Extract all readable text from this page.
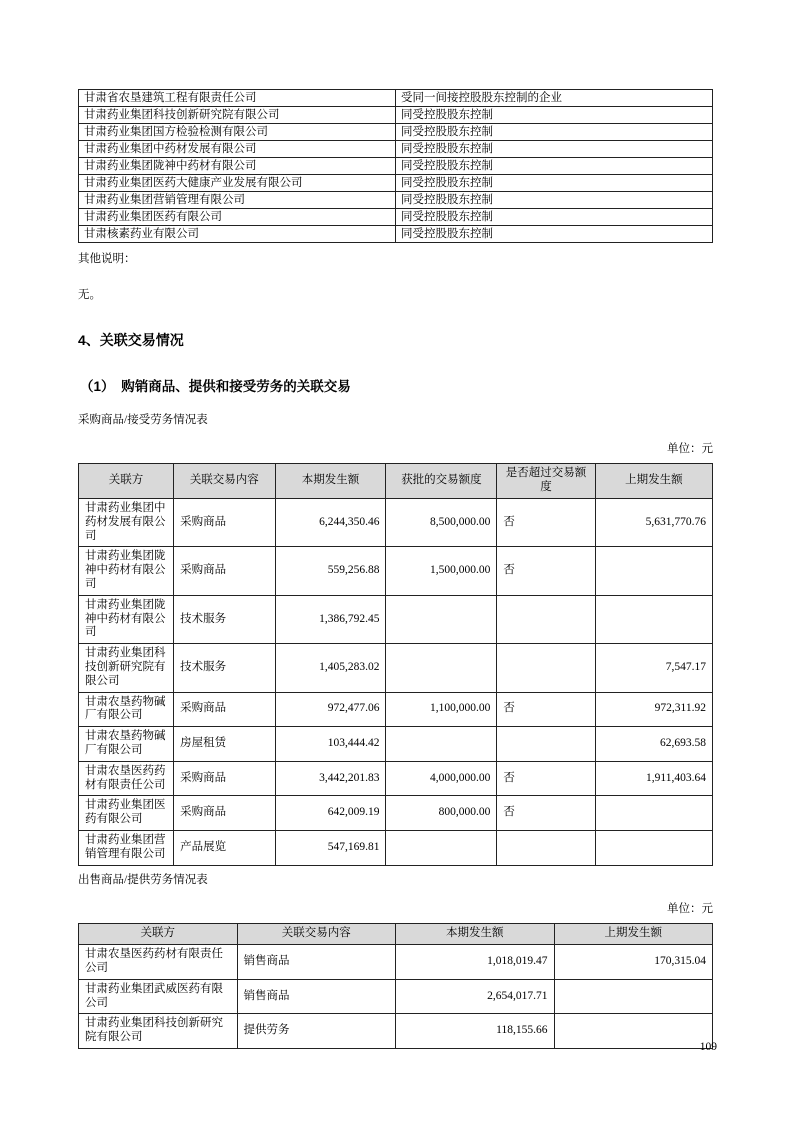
甘肃省农垦建筑工程有限责任公司	受同一间接控股股东控制的企业
甘肃药业集团科技创新研究院有限公司	同受控股股东控制
甘肃药业集团国方检验检测有限公司	同受控股股东控制
甘肃药业集团中药材发展有限公司	同受控股股东控制
甘肃药业集团陇神中药材有限公司	同受控股股东控制
甘肃药业集团医药大健康产业发展有限公司	同受控股股东控制
甘肃药业集团营销管理有限公司	同受控股股东控制
甘肃药业集团医药有限公司	同受控股股东控制
甘肃核素药业有限公司	同受控股股东控制

其他说明：

无。

4、关联交易情况
（1）　购销商品、提供和接受劳务的关联交易

采购商品/接受劳务情况表

单位：元

关联方	关联交易内容	本期发生额	获批的交易额度	是否超过交易额度	上期发生额
甘肃药业集团中药材发展有限公司	采购商品	6,244,350.46	8,500,000.00	否	5,631,770.76
甘肃药业集团陇神中药材有限公司	采购商品	559,256.88	1,500,000.00	否	
甘肃药业集团陇神中药材有限公司	技术服务	1,386,792.45			
甘肃药业集团科技创新研究院有限公司	技术服务	1,405,283.02			7,547.17
甘肃农垦药物碱厂有限公司	采购商品	972,477.06	1,100,000.00	否	972,311.92
甘肃农垦药物碱厂有限公司	房屋租赁	103,444.42			62,693.58
甘肃农垦医药药材有限责任公司	采购商品	3,442,201.83	4,000,000.00	否	1,911,403.64
甘肃药业集团医药有限公司	采购商品	642,009.19	800,000.00	否	
甘肃药业集团营销管理有限公司	产品展览	547,169.81			

出售商品/提供劳务情况表

单位：元

关联方	关联交易内容	本期发生额	上期发生额
甘肃农垦医药药材有限责任公司	销售商品	1,018,019.47	170,315.04
甘肃药业集团武威医药有限公司	销售商品	2,654,017.71	
甘肃药业集团科技创新研究院有限公司	提供劳务	118,155.66	
109
